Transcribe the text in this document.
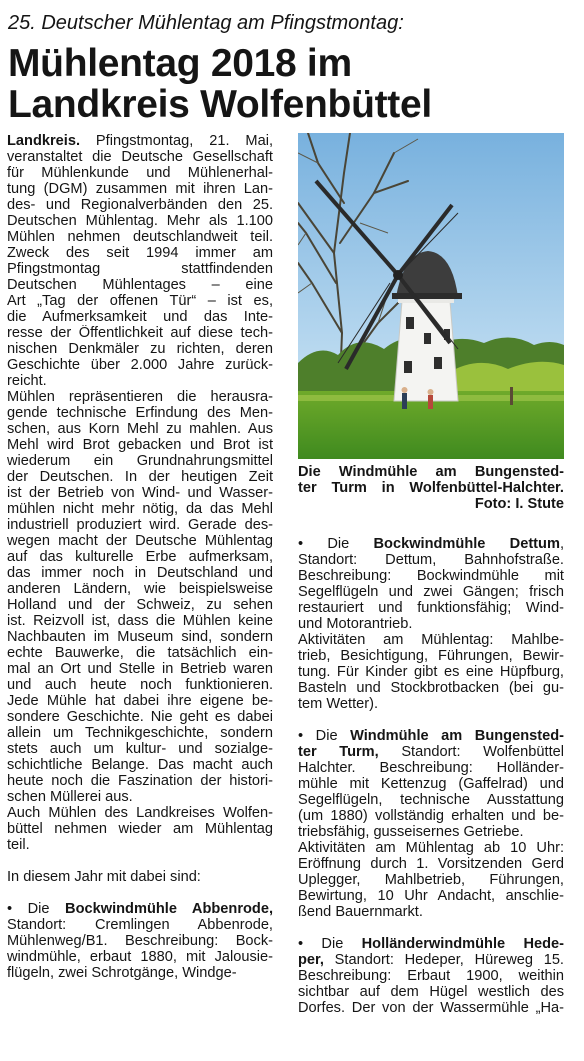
25. Deutscher Mühlentag am Pfingstmontag:
Mühlentag 2018 im
Landkreis Wolfenbüttel
Landkreis. Pfingstmontag, 21. Mai,
veranstaltet die Deutsche Gesellschaft
für Mühlenkunde und Mühlenerhal-
tung (DGM) zusammen mit ihren Lan-
des- und Regionalverbänden den 25.
Deutschen Mühlentag. Mehr als 1.100
Mühlen nehmen deutschlandweit teil.
Zweck des seit 1994 immer am
Pfingstmontag stattfindenden
Deutschen Mühlentages – eine
Art „Tag der offenen Tür“ – ist es,
die Aufmerksamkeit und das Inte-
resse der Öffentlichkeit auf diese tech-
nischen Denkmäler zu richten, deren
Geschichte über 2.000 Jahre zurück-
reicht.
Mühlen repräsentieren die herausra-
gende technische Erfindung des Men-
schen, aus Korn Mehl zu mahlen. Aus
Mehl wird Brot gebacken und Brot ist
wiederum ein Grundnahrungsmittel
der Deutschen. In der heutigen Zeit
ist der Betrieb von Wind- und Wasser-
mühlen nicht mehr nötig, da das Mehl
industriell produziert wird. Gerade des-
wegen macht der Deutsche Mühlentag
auf das kulturelle Erbe aufmerksam,
das immer noch in Deutschland und
anderen Ländern, wie beispielsweise
Holland und der Schweiz, zu sehen
ist. Reizvoll ist, dass die Mühlen keine
Nachbauten im Museum sind, sondern
echte Bauwerke, die tatsächlich ein-
mal an Ort und Stelle in Betrieb waren
und auch heute noch funktionieren.
Jede Mühle hat dabei ihre eigene be-
sondere Geschichte. Nie geht es dabei
allein um Technikgeschichte, sondern
stets auch um kultur- und sozialge-
schichtliche Belange. Das macht auch
heute noch die Faszination der histori-
schen Müllerei aus.
Auch Mühlen des Landkreises Wolfen-
büttel nehmen wieder am Mühlentag
teil.
In diesem Jahr mit dabei sind:
• Die Bockwindmühle Abbenrode,
Standort: Cremlingen Abbenrode,
Mühlenweg/B1. Beschreibung: Bock-
windmühle, erbaut 1880, mit Jalousie-
flügeln, zwei Schrotgänge, Windge-
Die Windmühle am Bungensted-
ter Turm in Wolfenbüttel-Halchter.
Foto: I. Stute
• Die Bockwindmühle Dettum,
Standort: Dettum, Bahnhofstraße.
Beschreibung: Bockwindmühle mit
Segelflügeln und zwei Gängen; frisch
restauriert und funktionsfähig; Wind-
und Motorantrieb.
Aktivitäten am Mühlentag: Mahlbe-
trieb, Besichtigung, Führungen, Bewir-
tung. Für Kinder gibt es eine Hüpfburg,
Basteln und Stockbrotbacken (bei gu-
tem Wetter).
• Die Windmühle am Bungensted-
ter Turm, Standort: Wolfenbüttel
Halchter. Beschreibung: Holländer-
mühle mit Kettenzug (Gaffelrad) und
Segelflügeln, technische Ausstattung
(um 1880) vollständig erhalten und be-
triebsfähig, gusseisernes Getriebe.
Aktivitäten am Mühlentag ab 10 Uhr:
Eröffnung durch 1. Vorsitzenden Gerd
Uplegger, Mahlbetrieb, Führungen,
Bewirtung, 10 Uhr Andacht, anschlie-
ßend Bauernmarkt.
• Die Holländerwindmühle Hede-
per, Standort: Hedeper, Hüreweg 15.
Beschreibung: Erbaut 1900, weithin
sichtbar auf dem Hügel westlich des
Dorfes. Der von der Wassermühle „Ha-
